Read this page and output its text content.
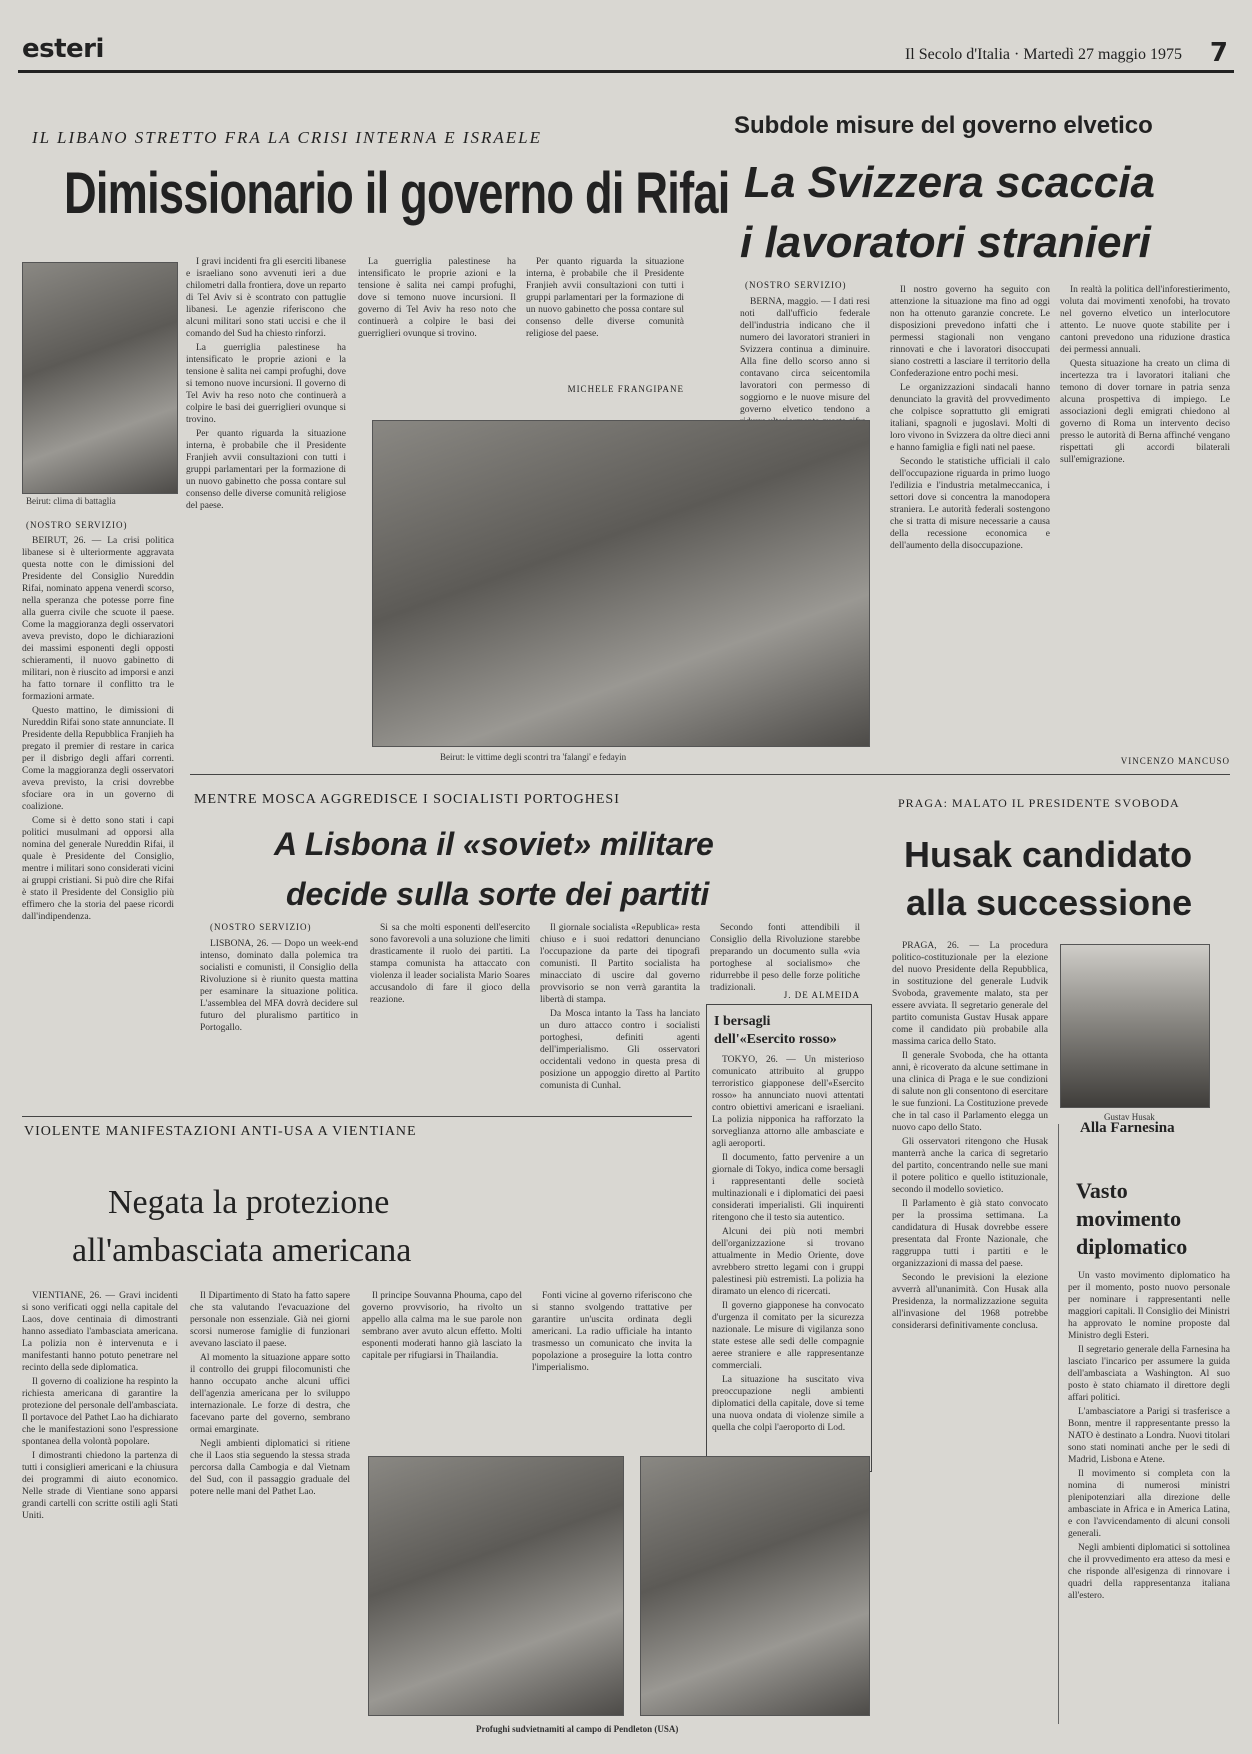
esteri	Il Secolo d'Italia · Martedì 27 maggio 1975 7
IL LIBANO STRETTO FRA LA CRISI INTERNA E ISRAELE
Dimissionario il governo di Rifai
Beirut: clima di battaglia
(NOSTRO SERVIZIO)

BEIRUT, 26. — La crisi politica libanese si è ulteriormente aggravata questa notte con le dimissioni del Presidente del Consiglio Nureddin Rifai, nominato appena venerdì scorso, nella speranza che potesse porre fine alla guerra civile che scuote il paese. Come la maggioranza degli osservatori aveva previsto, dopo le dichiarazioni dei massimi esponenti degli opposti schieramenti, il nuovo gabinetto di militari, non è riuscito ad imporsi e anzi ha fatto tornare il conflitto tra le formazioni armate.

Questo mattino, le dimissioni di Nureddin Rifai sono state annunciate. Il Presidente della Repubblica Franjieh ha pregato il premier di restare in carica per il disbrigo degli affari correnti. Come la maggioranza degli osservatori aveva previsto, la crisi dovrebbe sfociare ora in un governo di coalizione.

Come si è detto sono stati i capi politici musulmani ad opporsi alla nomina del generale Nureddin Rifai, il quale è Presidente del Consiglio, mentre i militari sono considerati vicini ai gruppi cristiani. Si può dire che Rifai è stato il Presidente del Consiglio più effimero che la storia del paese ricordi dall'indipendenza.

I gravi incidenti fra gli eserciti libanese e israeliano sono avvenuti ieri a due chilometri dalla frontiera, dove un reparto di Tel Aviv si è scontrato con pattuglie libanesi. Le agenzie riferiscono che alcuni militari sono stati uccisi e che il comando del Sud ha chiesto rinforzi.

La guerriglia palestinese ha intensificato le proprie azioni e la tensione è salita nei campi profughi, dove si temono nuove incursioni. Il governo di Tel Aviv ha reso noto che continuerà a colpire le basi dei guerriglieri ovunque si trovino.

Per quanto riguarda la situazione interna, è probabile che il Presidente Franjieh avvii consultazioni con tutti i gruppi parlamentari per la formazione di un nuovo gabinetto che possa contare sul consenso delle diverse comunità religiose del paese.

La guerriglia palestinese ha intensificato le proprie azioni e la tensione è salita nei campi profughi, dove si temono nuove incursioni. Il governo di Tel Aviv ha reso noto che continuerà a colpire le basi dei guerriglieri ovunque si trovino.

Per quanto riguarda la situazione interna, è probabile che il Presidente Franjieh avvii consultazioni con tutti i gruppi parlamentari per la formazione di un nuovo gabinetto che possa contare sul consenso delle diverse comunità religiose del paese.

MICHELE FRANGIPANE
Subdole misure del governo elvetico
La Svizzera scaccia
i lavoratori stranieri
(NOSTRO SERVIZIO)

BERNA, maggio. — I dati resi noti dall'ufficio federale dell'industria indicano che il numero dei lavoratori stranieri in Svizzera continua a diminuire. Alla fine dello scorso anno si contavano circa seicentomila lavoratori con permesso di soggiorno e le nuove misure del governo elvetico tendono a

Il nostro governo ha seguito con attenzione la situazione ma fino ad oggi non ha ottenuto garanzie concrete. Le disposizioni prevedono infatti che i permessi stagionali non vengano rinnovati e che i lavoratori disoccupati siano costretti a lasciare il territorio della Confederazione entro pochi mesi.

Le organizzazioni sindacali hanno denunciato la gravità del provvedimento che colpisce soprattutto gli emigrati italiani, spagnoli e jugoslavi. Molti di loro vivono in Svizzera da oltre dieci anni e hanno famiglia e figli nati nel paese.

Secondo le statistiche ufficiali il calo dell'occupazione riguarda in primo luogo l'edilizia e l'industria metalmeccanica, i settori dove si concentra la manodopera straniera. Le autorità federali sostengono che si tratta di misure necessarie a causa della recessione economica e dell'aumento della disoccupazione.

In realtà la politica dell'inforestierimento, voluta dai movimenti xenofobi, ha trovato nel governo elvetico un interlocutore attento. Le nuove quote stabilite per i cantoni prevedono una riduzione drastica dei permessi annuali.

Questa situazione ha creato un clima di incertezza tra i lavoratori italiani che temono di dover tornare in patria senza alcuna prospettiva di impiego. Le associazioni degli emigrati chiedono al governo di Roma un intervento deciso presso le autorità di Berna affinché vengano rispettati gli accordi bilaterali sull'emigrazione.

VINCENZO MANCUSO
Beirut: le vittime degli scontri tra 'falangi' e fedayin
MENTRE MOSCA AGGREDISCE I SOCIALISTI PORTOGHESI
A Lisbona il «soviet» militare
decide sulla sorte dei partiti
(NOSTRO SERVIZIO)

LISBONA, 26. — Dopo un week-end intenso, dominato dalla polemica tra socialisti e comunisti, il Consiglio della Rivoluzione si è riunito questa mattina per esaminare la situazione politica. L'assemblea del MFA dovrà decidere sul futuro del pluralismo partitico in Portogallo.

Si sa che molti esponenti dell'esercito sono favorevoli a una soluzione che limiti drasticamente il ruolo dei partiti. La stampa comunista ha attaccato con violenza il leader socialista Mario Soares accusandolo di fare il gioco della reazione.

Il giornale socialista «Republica» resta chiuso e i suoi redattori denunciano l'occupazione da parte dei tipografi comunisti. Il Partito socialista ha minacciato di uscire dal governo provvisorio se non verrà garantita la libertà di stampa.

Da Mosca intanto la Tass ha lanciato un duro attacco contro i socialisti portoghesi, definiti agenti dell'imperialismo. Gli osservatori occidentali vedono in questa presa di posizione un appoggio diretto al Partito comunista di Cunhal.

Secondo fonti attendibili il Consiglio della Rivoluzione starebbe preparando un documento sulla «via portoghese al socialismo» che ridurrebbe il peso delle forze politiche tradizionali.

J. DE ALMEIDA
I bersagli
dell'«Esercito rosso»

TOKYO, 26. — Un misterioso comunicato attribuito al gruppo terroristico giapponese dell'«Esercito rosso» ha annunciato nuovi attentati contro obiettivi americani e israeliani. La polizia nipponica ha rafforzato la sorveglianza attorno alle ambasciate e agli aeroporti.

Il documento, fatto pervenire a un giornale di Tokyo, indica come bersagli i rappresentanti delle società multinazionali e i diplomatici dei paesi considerati imperialisti. Gli inquirenti ritengono che il testo sia autentico.

Alcuni dei più noti membri dell'organizzazione si trovano attualmente in Medio Oriente, dove avrebbero stretto legami con i gruppi palestinesi più estremisti. La polizia ha diramato un elenco di ricercati.

Il governo giapponese ha convocato d'urgenza il comitato per la sicurezza nazionale. Le misure di vigilanza sono state estese alle sedi delle compagnie aeree straniere e alle rappresentanze commerciali.

La situazione ha suscitato viva preoccupazione negli ambienti diplomatici della capitale, dove si teme una nuova ondata di violenze simile a quella che colpì l'aeroporto di Lod.

PRAGA: MALATO IL PRESIDENTE SVOBODA
Husak candidato
alla successione
Gustav Husak

PRAGA, 26. — La procedura politico-costituzionale per la elezione del nuovo Presidente della Repubblica, in sostituzione del generale Ludvik Svoboda, gravemente malato, sta per essere avviata. Il segretario generale del partito comunista Gustav Husak appare come il candidato più probabile alla massima carica dello Stato.

Il generale Svoboda, che ha ottanta anni, è ricoverato da alcune settimane in una clinica di Praga e le sue condizioni di salute non gli consentono di esercitare le sue funzioni. La Costituzione prevede che in tal caso il Parlamento elegga un nuovo capo dello Stato.

Gli osservatori ritengono che Husak manterrà anche la carica di segretario del partito, concentrando nelle sue mani il potere politico e quello istituzionale, secondo il modello sovietico.

Il Parlamento è già stato convocato per la prossima settimana. La candidatura di Husak dovrebbe essere presentata dal Fronte Nazionale, che raggruppa tutti i partiti e le organizzazioni di massa del paese.

Secondo le previsioni la elezione avverrà all'unanimità. Con Husak alla Presidenza, la normalizzazione seguita all'invasione del 1968 potrebbe considerarsi definitivamente conclusa.

Alla Farnesina
Vasto
movimento
diplomatico

Un vasto movimento diplomatico ha per il momento, posto nuovo personale per nominare i rappresentanti nelle maggiori capitali. Il Consiglio dei Ministri ha approvato le nomine proposte dal Ministro degli Esteri.

Il segretario generale della Farnesina ha lasciato l'incarico per assumere la guida dell'ambasciata a Washington. Al suo posto è stato chiamato il direttore degli affari politici.

L'ambasciatore a Parigi si trasferisce a Bonn, mentre il rappresentante presso la NATO è destinato a Londra. Nuovi titolari sono stati nominati anche per le sedi di Madrid, Lisbona e Atene.

Il movimento si completa con la nomina di numerosi ministri plenipotenziari alla direzione delle ambasciate in Africa e in America Latina, e con l'avvicendamento di alcuni consoli generali.

Negli ambienti diplomatici si sottolinea che il provvedimento era atteso da mesi e che risponde all'esigenza di rinnovare i quadri della rappresentanza italiana all'estero.

VIOLENTE MANIFESTAZIONI ANTI-USA A VIENTIANE
Negata la protezione
all'ambasciata americana

VIENTIANE, 26. — Gravi incidenti si sono verificati oggi nella capitale del Laos, dove centinaia di dimostranti hanno assediato l'ambasciata americana. La polizia non è intervenuta e i manifestanti hanno potuto penetrare nel recinto della sede diplomatica.

Il governo di coalizione ha respinto la richiesta americana di garantire la protezione del personale dell'ambasciata. Il portavoce del Pathet Lao ha dichiarato che le manifestazioni sono l'espressione spontanea della volontà popolare.

I dimostranti chiedono la partenza di tutti i consiglieri americani e la chiusura dei programmi di aiuto economico. Nelle strade di Vientiane sono apparsi grandi cartelli con scritte ostili agli Stati Uniti.

Il Dipartimento di Stato ha fatto sapere che sta valutando l'evacuazione del personale non essenziale. Già nei giorni scorsi numerose famiglie di funzionari avevano lasciato il paese.

Al momento la situazione appare sotto il controllo dei gruppi filocomunisti che hanno occupato anche alcuni uffici dell'agenzia americana per lo sviluppo internazionale. Le forze di destra, che facevano parte del governo, sembrano ormai emarginate.

Negli ambienti diplomatici si ritiene che il Laos stia seguendo la stessa strada percorsa dalla Cambogia e dal Vietnam del Sud, con il passaggio graduale del potere nelle mani del Pathet Lao.

Il principe Souvanna Phouma, capo del governo provvisorio, ha rivolto un appello alla calma ma le sue parole non sembrano aver avuto alcun effetto. Molti esponenti moderati hanno già lasciato la capitale per rifugiarsi in Thailandia.

Fonti vicine al governo riferiscono che si stanno svolgendo trattative per garantire un'uscita ordinata degli americani. La radio ufficiale ha intanto trasmesso un comunicato che invita la popolazione a proseguire la lotta contro l'imperialismo.

Profughi sudvietnamiti al campo di Pendleton (USA)
